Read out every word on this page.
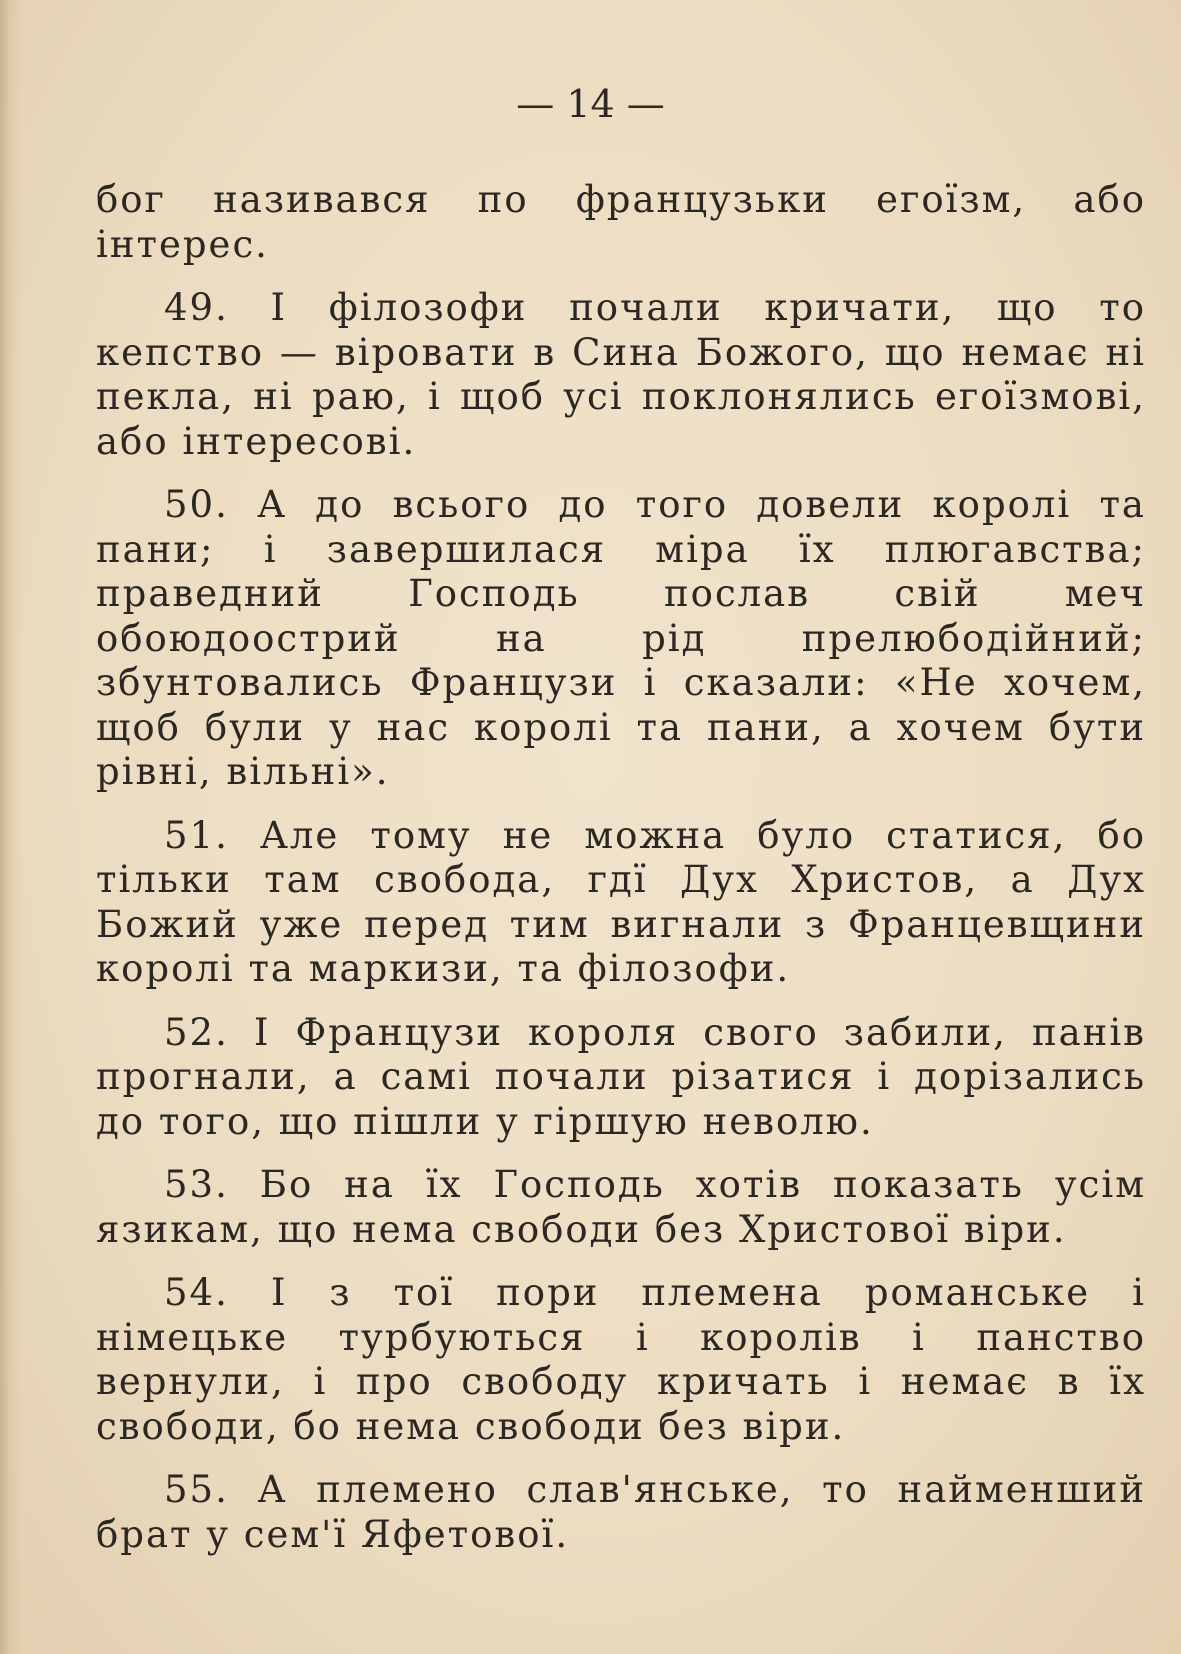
— 14 —

бог називався по французьки егоїзм, або інтерес.

49. І філозофи почали кричати, що то кепство — віровати в Сина Божого, що немає ні пекла, ні раю, і щоб усі поклонялись егоїзмові, або інтересові.

50. А до всього до того довели королі та пани; і завершилася міра їх плюгавства; праведний Господь послав свій меч обоюдоострий на рід прелюбодійний; збунтовались Французи і сказали: «Не хочем, щоб були у нас королі та пани, а хочем бути рівні, вільні».

51. Але тому не можна було статися, бо тільки там свобода, гдї Дух Христов, а Дух Божий уже перед тим вигнали з Францевщини королі та маркизи, та філозофи.

52. І Французи короля свого забили, панів прогнали, а самі почали різатися і дорізались до того, що пішли у гіршую неволю.

53. Бо на їх Господь хотів показать усім язикам, що нема свободи без Христової віри.

54. І з тої пори племена романське і німецьке турбуються і королів і панство вернули, і про свободу кричать і немає в їх свободи, бо нема свободи без віри.

55. А племено слав'янське, то найменший брат у сем'ї Яфетової.
